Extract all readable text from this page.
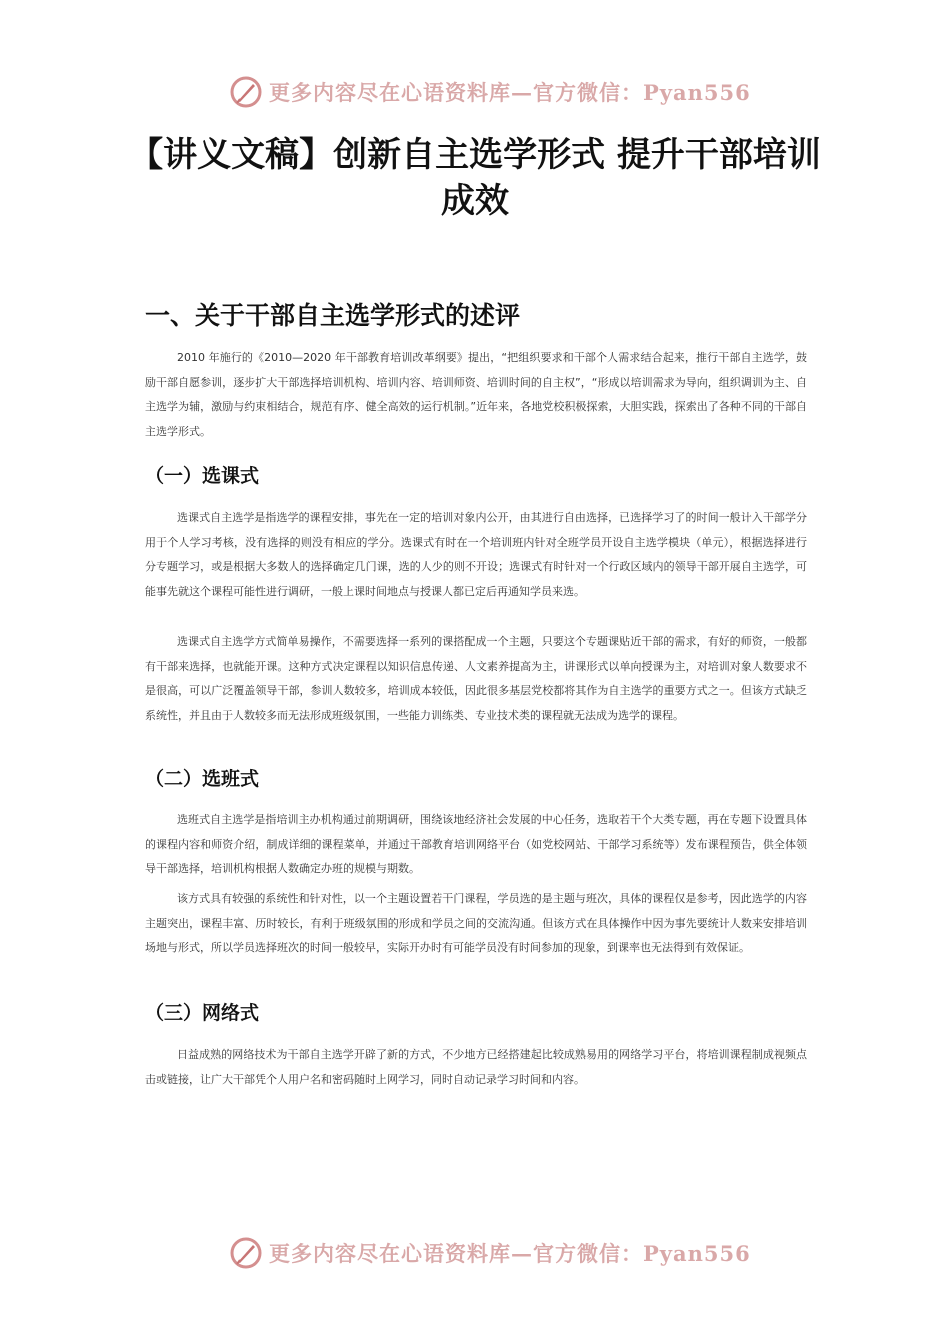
更多内容尽在心语资料库—官方微信：Pyan556
【讲义文稿】创新自主选学形式 提升干部培训成效
一、关于干部自主选学形式的述评

2010 年施行的《2010—2020 年干部教育培训改革纲要》提出，“把组织要求和干部个人需求结合起来，推行干部自主选学，鼓励干部自愿参训，逐步扩大干部选择培训机构、培训内容、培训师资、培训时间的自主权”，“形成以培训需求为导向，组织调训为主、自主选学为辅，激励与约束相结合，规范有序、健全高效的运行机制。”近年来，各地党校积极探索，大胆实践，探索出了各种不同的干部自主选学形式。

（一）选课式

选课式自主选学是指选学的课程安排，事先在一定的培训对象内公开，由其进行自由选择，已选择学习了的时间一般计入干部学分用于个人学习考核，没有选择的则没有相应的学分。选课式有时在一个培训班内针对全班学员开设自主选学模块（单元），根据选择进行分专题学习，或是根据大多数人的选择确定几门课，选的人少的则不开设；选课式有时针对一个行政区域内的领导干部开展自主选学，可能事先就这个课程可能性进行调研，一般上课时间地点与授课人都已定后再通知学员来选。

选课式自主选学方式简单易操作，不需要选择一系列的课搭配成一个主题，只要这个专题课贴近干部的需求，有好的师资，一般都有干部来选择，也就能开课。这种方式决定课程以知识信息传递、人文素养提高为主，讲课形式以单向授课为主，对培训对象人数要求不是很高，可以广泛覆盖领导干部，参训人数较多，培训成本较低，因此很多基层党校都将其作为自主选学的重要方式之一。但该方式缺乏系统性，并且由于人数较多而无法形成班级氛围，一些能力训练类、专业技术类的课程就无法成为选学的课程。

（二）选班式

选班式自主选学是指培训主办机构通过前期调研，围绕该地经济社会发展的中心任务，选取若干个大类专题，再在专题下设置具体的课程内容和师资介绍，制成详细的课程菜单，并通过干部教育培训网络平台（如党校网站、干部学习系统等）发布课程预告，供全体领导干部选择，培训机构根据人数确定办班的规模与期数。

该方式具有较强的系统性和针对性，以一个主题设置若干门课程，学员选的是主题与班次，具体的课程仅是参考，因此选学的内容主题突出，课程丰富、历时较长，有利于班级氛围的形成和学员之间的交流沟通。但该方式在具体操作中因为事先要统计人数来安排培训场地与形式，所以学员选择班次的时间一般较早，实际开办时有可能学员没有时间参加的现象，到课率也无法得到有效保证。

（三）网络式

日益成熟的网络技术为干部自主选学开辟了新的方式，不少地方已经搭建起比较成熟易用的网络学习平台，将培训课程制成视频点击或链接，让广大干部凭个人用户名和密码随时上网学习，同时自动记录学习时间和内容。

更多内容尽在心语资料库—官方微信：Pyan556
